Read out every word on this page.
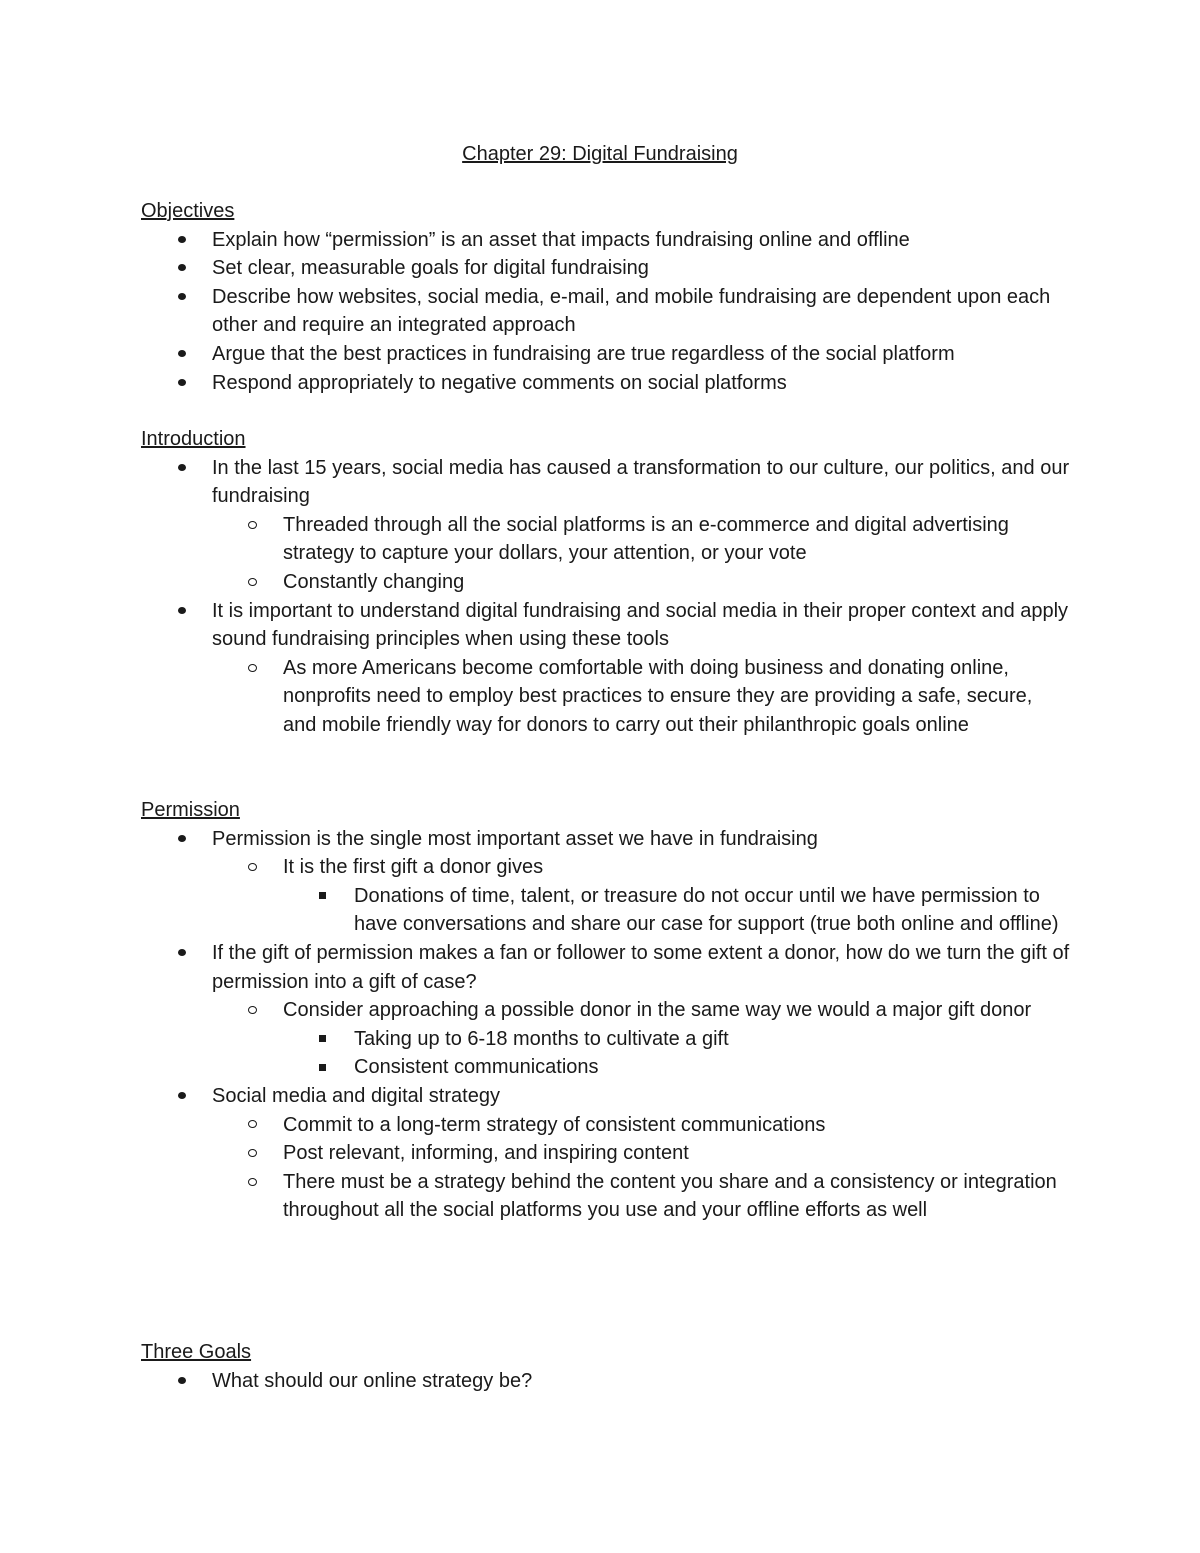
Chapter 29: Digital Fundraising
Objectives
Explain how “permission” is an asset that impacts fundraising online and offline
Set clear, measurable goals for digital fundraising
Describe how websites, social media, e-mail, and mobile fundraising are dependent upon each other and require an integrated approach
Argue that the best practices in fundraising are true regardless of the social platform
Respond appropriately to negative comments on social platforms
Introduction
In the last 15 years, social media has caused a transformation to our culture, our politics, and our fundraising
Threaded through all the social platforms is an e-commerce and digital advertising strategy to capture your dollars, your attention, or your vote
Constantly changing
It is important to understand digital fundraising and social media in their proper context and apply sound fundraising principles when using these tools
As more Americans become comfortable with doing business and donating online, nonprofits need to employ best practices to ensure they are providing a safe, secure, and mobile friendly way for donors to carry out their philanthropic goals online
Permission
Permission is the single most important asset we have in fundraising
It is the first gift a donor gives
Donations of time, talent, or treasure do not occur until we have permission to have conversations and share our case for support (true both online and offline)
If the gift of permission makes a fan or follower to some extent a donor, how do we turn the gift of permission into a gift of case?
Consider approaching a possible donor in the same way we would a major gift donor
Taking up to 6-18 months to cultivate a gift
Consistent communications
Social media and digital strategy
Commit to a long-term strategy of consistent communications
Post relevant, informing, and inspiring content
There must be a strategy behind the content you share and a consistency or integration throughout all the social platforms you use and your offline efforts as well
Three Goals
What should our online strategy be?
